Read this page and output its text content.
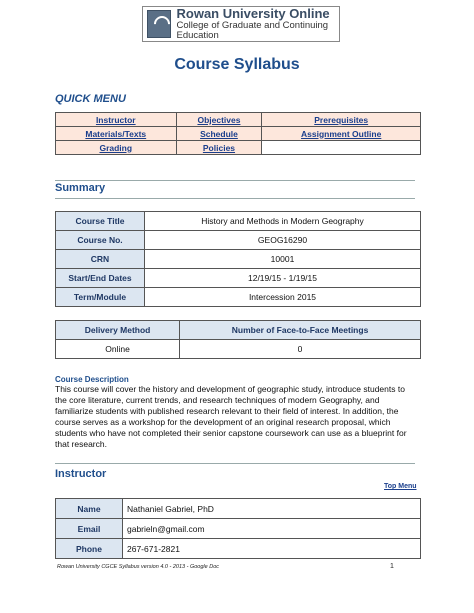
Rowan University Online
College of Graduate and Continuing Education
Course Syllabus
QUICK MENU
Instructor	Objectives	Prerequisites
Materials/Texts	Schedule	Assignment Outline
Grading	Policies	
Summary
Course Title	History and Methods in Modern Geography
Course No.	GEOG16290
CRN	10001
Start/End Dates	12/19/15 - 1/19/15
Term/Module	Intercession 2015
Delivery Method	Number of Face-to-Face Meetings
Online	0
Course Description
This course will cover the history and development of geographic study, introduce students to the core literature, current trends, and research techniques of modern Geography, and familiarize students with published research relevant to their field of interest. In addition, the course serves as a workshop for the development of an original research proposal, which students who have not completed their senior capstone coursework can use as a blueprint for that research.
Instructor
Top Menu
Name	Nathaniel Gabriel, PhD
Email	gabrieln@gmail.com
Phone	267-671-2821
Rowan University CGCE Syllabus version 4.0 - 2013 - Google Doc	1
